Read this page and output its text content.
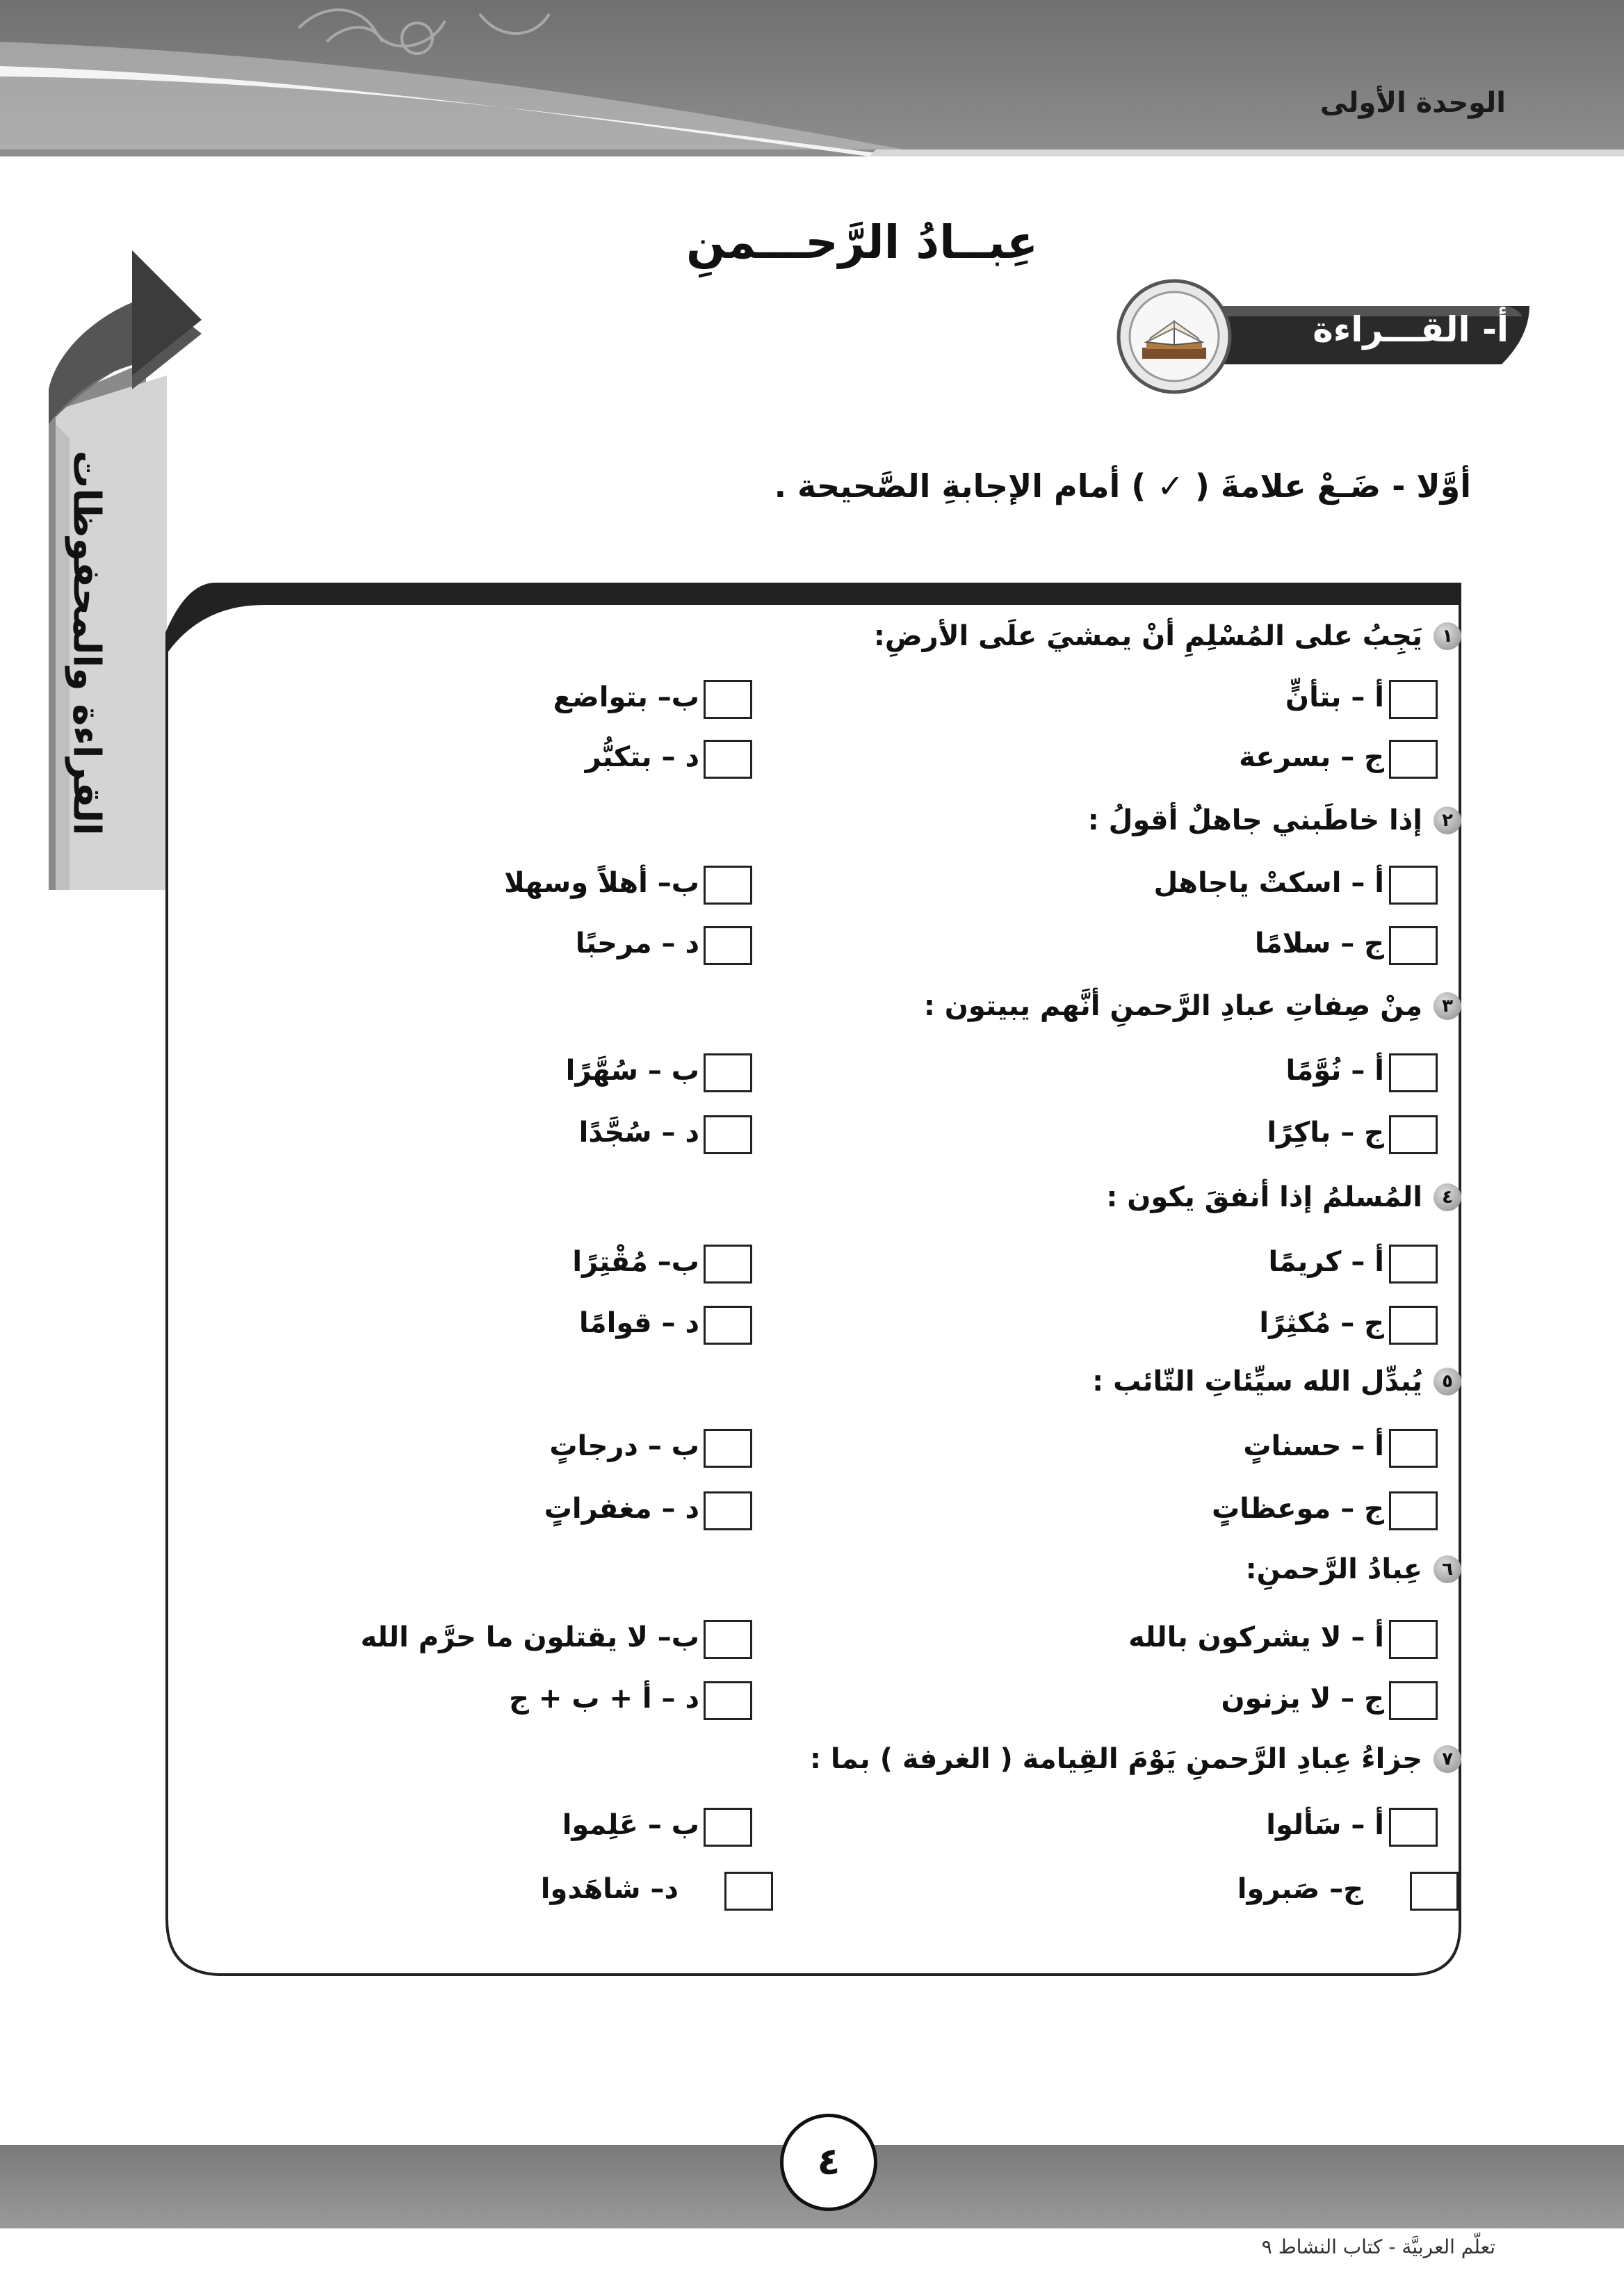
الوحدة الأولى
القراءة والمحفوظات
عِبــادُ الرَّحـــمنِ
أ- القـــراءة
أوَّلا - ضَـعْ علامةَ ( ✓ ) أمام الإجابةِ الصَّحيحة .
١
يَجِبُ على المُسْلِمِ أنْ يمشيَ علَى الأرضِ:
أ – بتأنٍّ
ب– بتواضع
ج – بسرعة
د – بتكبُّر
٢
إذا خاطَبني جاهلٌ أقولُ :
أ – اسكتْ ياجاهل
ب– أهلاً وسهلا
ج – سلامًا
د – مرحبًا
٣
مِنْ صِفاتِ عبادِ الرَّحمنِ أنَّهم يبيتون :
أ – نُوَّمًا
ب – سُهَّرًا
ج – باكِرًا
د – سُجَّدًا
٤
المُسلمُ إذا أنفقَ يكون :
أ – كريمًا
ب– مُقْتِرًا
ج – مُكثِرًا
د – قوامًا
٥
يُبدِّل الله سيِّئاتِ التّائب :
أ – حسناتٍ
ب – درجاتٍ
ج – موعظاتٍ
د – مغفراتٍ
٦
عِبادُ الرَّحمنِ:
أ – لا يشركون بالله
ب– لا يقتلون ما حرَّم الله
ج – لا يزنون
د – أ + ب + ج
٧
جزاءُ عِبادِ الرَّحمنِ يَوْمَ القِيامة ( الغرفة ) بما :
أ – سَألوا
ب – عَلِموا
ج– صَبروا
د– شاهَدوا
٤
تعلّم العربيَّة - كتاب النشاط ٩
